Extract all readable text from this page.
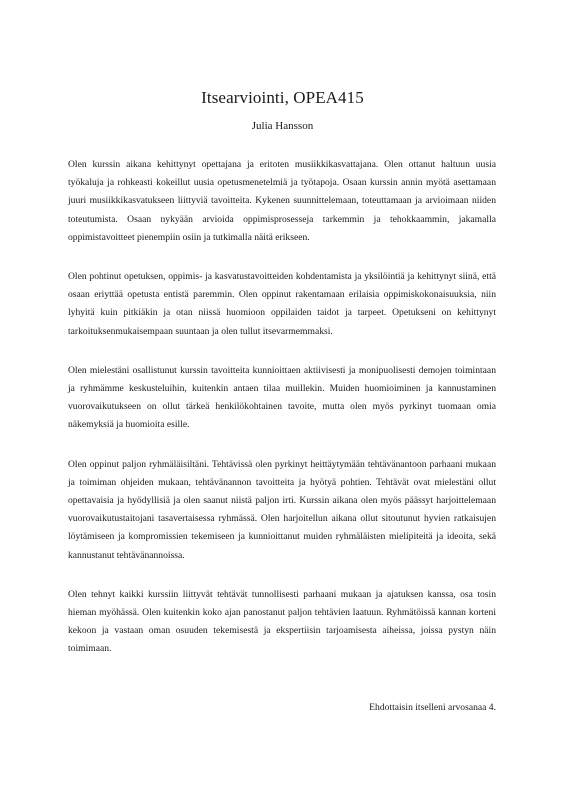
Itsearviointi, OPEA415

Julia Hansson

Olen kurssin aikana kehittynyt opettajana ja eritoten musiikkikasvattajana. Olen ottanut haltuun uusia työkaluja ja rohkeasti kokeillut uusia opetusmenetelmiä ja työtapoja. Osaan kurssin annin myötä asettamaan juuri musiikkikasvatukseen liittyviä tavoitteita. Kykenen suunnittelemaan, toteuttamaan ja arvioimaan niiden toteutumista. Osaan nykyään arvioida oppimisprosesseja tarkemmin ja tehokkaammin, jakamalla oppimistavoitteet pienempiin osiin ja tutkimalla näitä erikseen.

Olen pohtinut opetuksen, oppimis- ja kasvatustavoitteiden kohdentamista ja yksilöintiä ja kehittynyt siinä, että osaan eriyttää opetusta entistä paremmin. Olen oppinut rakentamaan erilaisia oppimiskokonaisuuksia, niin lyhyitä kuin pitkiäkin ja otan niissä huomioon oppilaiden taidot ja tarpeet. Opetukseni on kehittynyt tarkoituksenmukaisempaan suuntaan ja olen tullut itsevarmemmaksi.

Olen mielestäni osallistunut kurssin tavoitteita kunnioittaen aktiivisesti ja monipuolisesti demojen toimintaan ja ryhmämme keskusteluihin, kuitenkin antaen tilaa muillekin. Muiden huomioiminen ja kannustaminen vuorovaikutukseen on ollut tärkeä henkilökohtainen tavoite, mutta olen myös pyrkinyt tuomaan omia näkemyksiä ja huomioita esille.

Olen oppinut paljon ryhmäläisiltäni. Tehtävissä olen pyrkinyt heittäytymään tehtävänantoon parhaani mukaan ja toimiman ohjeiden mukaan, tehtävänannon tavoitteita ja hyötyä pohtien. Tehtävät ovat mielestäni ollut opettavaisia ja hyödyllisiä ja olen saanut niistä paljon irti. Kurssin aikana olen myös päässyt harjoittelemaan vuorovaikutustaitojani tasavertaisessa ryhmässä. Olen harjoitellun aikana ollut sitoutunut hyvien ratkaisujen löytämiseen ja kompromissien tekemiseen ja kunnioittanut muiden ryhmäläisten mielipiteitä ja ideoita, sekä kannustanut tehtävänannoissa.

Olen tehnyt kaikki kurssiin liittyvät tehtävät tunnollisesti parhaani mukaan ja ajatuksen kanssa, osa tosin hieman myöhässä. Olen kuitenkin koko ajan panostanut paljon tehtävien laatuun. Ryhmätöissä kannan korteni kekoon ja vastaan oman osuuden tekemisestä ja ekspertiisin tarjoamisesta aiheissa, joissa pystyn näin toimimaan.

Ehdottaisin itselleni arvosanaa 4.
